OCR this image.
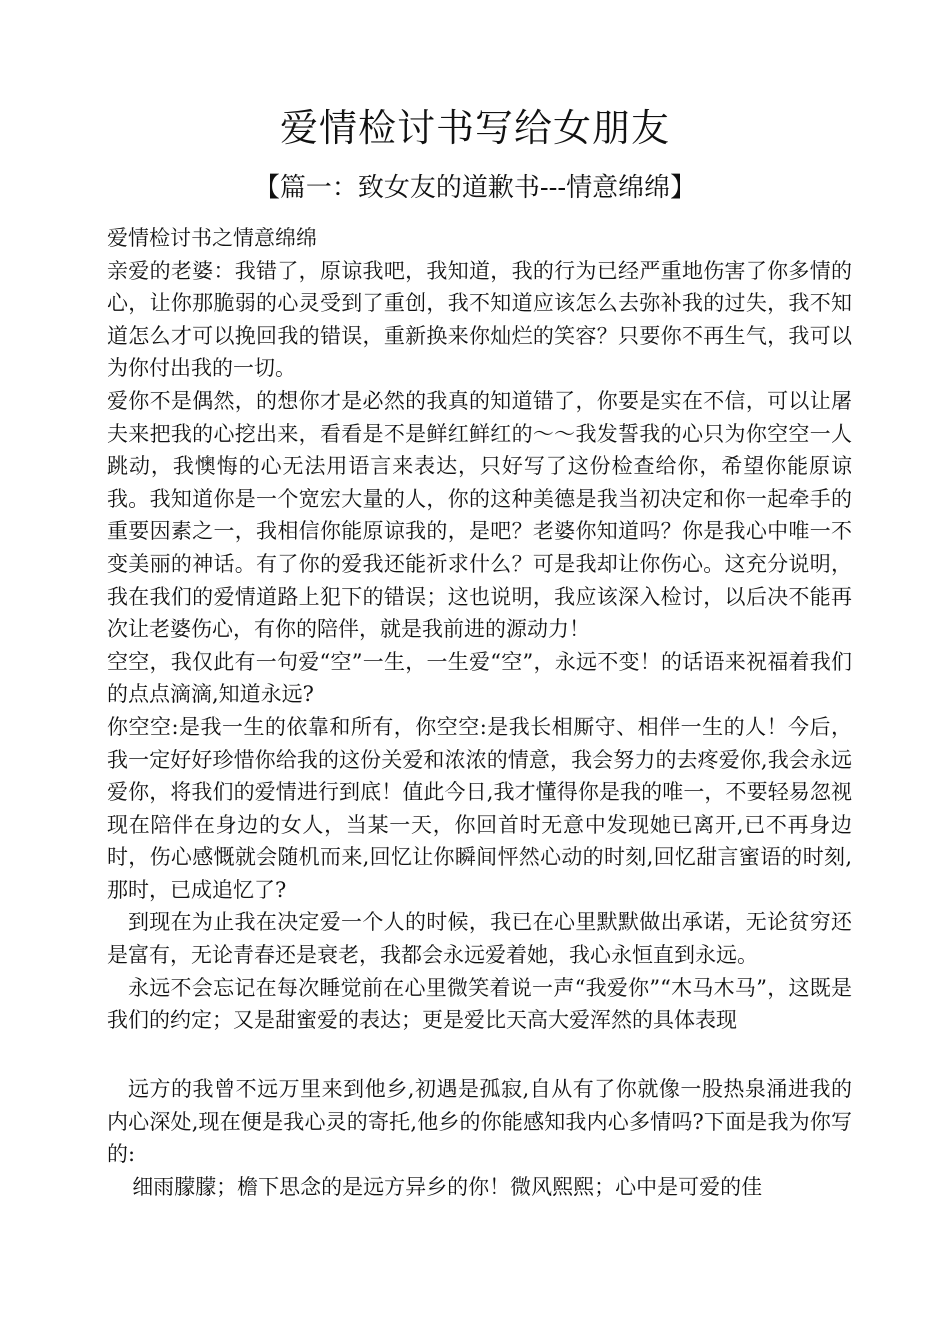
爱情检讨书写给女朋友
【篇一：致女友的道歉书---情意绵绵】

爱情检讨书之情意绵绵

亲爱的老婆：我错了，原谅我吧，我知道，我的行为已经严重地伤害了你多情的心，让你那脆弱的心灵受到了重创，我不知道应该怎么去弥补我的过失，我不知道怎么才可以挽回我的错误，重新换来你灿烂的笑容？只要你不再生气，我可以为你付出我的一切。

爱你不是偶然，的想你才是必然的我真的知道错了，你要是实在不信，可以让屠夫来把我的心挖出来，看看是不是鲜红鲜红的〜〜我发誓我的心只为你空空一人跳动，我懊悔的心无法用语言来表达，只好写了这份检查给你，希望你能原谅我。我知道你是一个宽宏大量的人，你的这种美德是我当初决定和你一起牵手的重要因素之一，我相信你能原谅我的，是吧？老婆你知道吗？你是我心中唯一不变美丽的神话。有了你的爱我还能祈求什么？可是我却让你伤心。这充分说明，我在我们的爱情道路上犯下的错误；这也说明，我应该深入检讨，以后决不能再次让老婆伤心，有你的陪伴，就是我前进的源动力！

空空，我仅此有一句爱“空”一生，一生爱“空”，永远不变！的话语来祝福着我们的点点滴滴,知道永远?

你空空:是我一生的依靠和所有，你空空:是我长相厮守、相伴一生的人！今后，我一定好好珍惜你给我的这份关爱和浓浓的情意，我会努力的去疼爱你,我会永远爱你，将我们的爱情进行到底！值此今日,我才懂得你是我的唯一，不要轻易忽视现在陪伴在身边的女人，当某一天，你回首时无意中发现她已离开,已不再身边时，伤心感慨就会随机而来,回忆让你瞬间怦然心动的时刻,回忆甜言蜜语的时刻,那时，已成追忆了?

到现在为止我在决定爱一个人的时候，我已在心里默默做出承诺，无论贫穷还是富有，无论青春还是衰老，我都会永远爱着她，我心永恒直到永远。

永远不会忘记在每次睡觉前在心里微笑着说一声“我爱你”“木马木马”，这既是我们的约定；又是甜蜜爱的表达；更是爱比天高大爱浑然的具体表现

远方的我曾不远万里来到他乡,初遇是孤寂,自从有了你就像一股热泉涌进我的内心深处,现在便是我心灵的寄托,他乡的你能感知我内心多情吗?下面是我为你写的:

细雨朦朦；檐下思念的是远方异乡的你！微风熙熙；心中是可爱的佳
